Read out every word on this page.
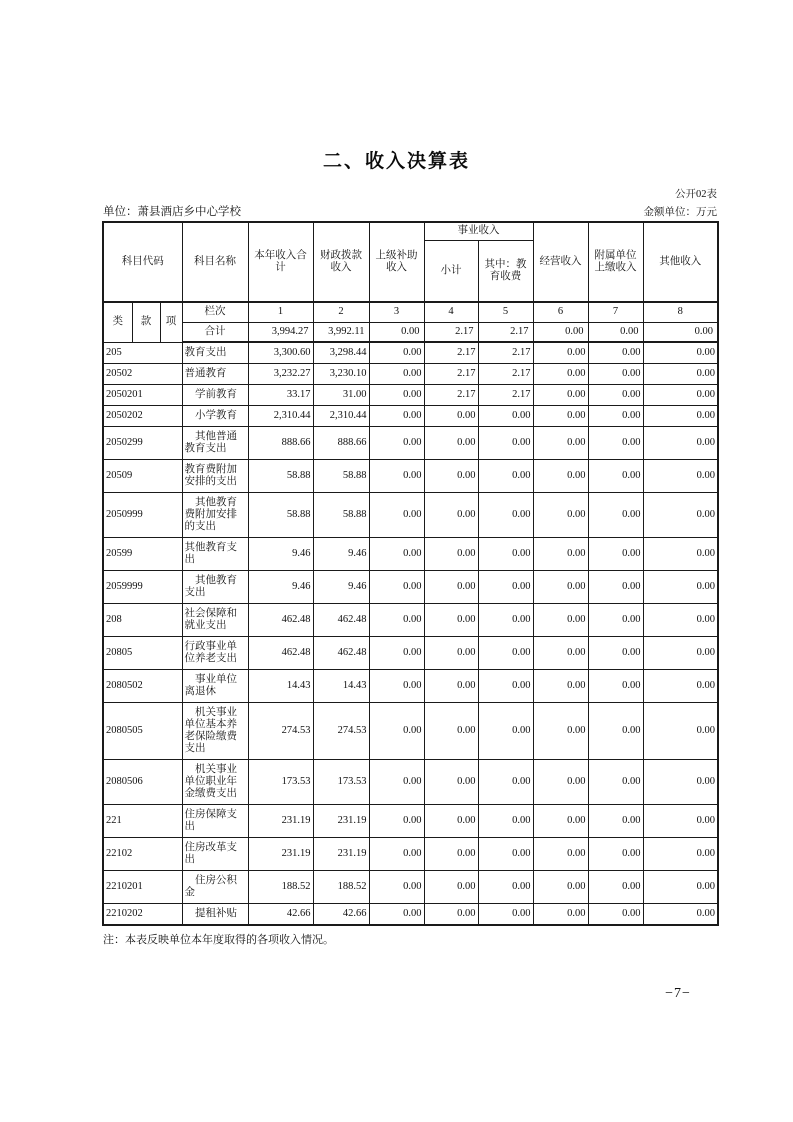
二、收入决算表
公开02表
单位：萧县酒店乡中心学校	金额单位：万元
科目代码			科目名称	本年收入合计	财政拨款收入	上级补助收入	事业收入		经营收入	附属单位上缴收入	其他收入
							小计	其中：教育收费			
类	款	项	栏次	1	2	3	4	5	6	7	8
			合计	3,994.27	3,992.11	0.00	2.17	2.17	0.00	0.00	0.00
205			教育支出	3,300.60	3,298.44	0.00	2.17	2.17	0.00	0.00	0.00
20502			普通教育	3,232.27	3,230.10	0.00	2.17	2.17	0.00	0.00	0.00
2050201			　学前教育	33.17	31.00	0.00	2.17	2.17	0.00	0.00	0.00
2050202			　小学教育	2,310.44	2,310.44	0.00	0.00	0.00	0.00	0.00	0.00
2050299			　其他普通教育支出	888.66	888.66	0.00	0.00	0.00	0.00	0.00	0.00
20509			教育费附加安排的支出	58.88	58.88	0.00	0.00	0.00	0.00	0.00	0.00
2050999			　其他教育费附加安排的支出	58.88	58.88	0.00	0.00	0.00	0.00	0.00	0.00
20599			其他教育支出	9.46	9.46	0.00	0.00	0.00	0.00	0.00	0.00
2059999			　其他教育支出	9.46	9.46	0.00	0.00	0.00	0.00	0.00	0.00
208			社会保障和就业支出	462.48	462.48	0.00	0.00	0.00	0.00	0.00	0.00
20805			行政事业单位养老支出	462.48	462.48	0.00	0.00	0.00	0.00	0.00	0.00
2080502			　事业单位离退休	14.43	14.43	0.00	0.00	0.00	0.00	0.00	0.00
2080505			　机关事业单位基本养老保险缴费支出	274.53	274.53	0.00	0.00	0.00	0.00	0.00	0.00
2080506			　机关事业单位职业年金缴费支出	173.53	173.53	0.00	0.00	0.00	0.00	0.00	0.00
221			住房保障支出	231.19	231.19	0.00	0.00	0.00	0.00	0.00	0.00
22102			住房改革支出	231.19	231.19	0.00	0.00	0.00	0.00	0.00	0.00
2210201			　住房公积金	188.52	188.52	0.00	0.00	0.00	0.00	0.00	0.00
2210202			　提租补贴	42.66	42.66	0.00	0.00	0.00	0.00	0.00	0.00
注：本表反映单位本年度取得的各项收入情况。
−7−
